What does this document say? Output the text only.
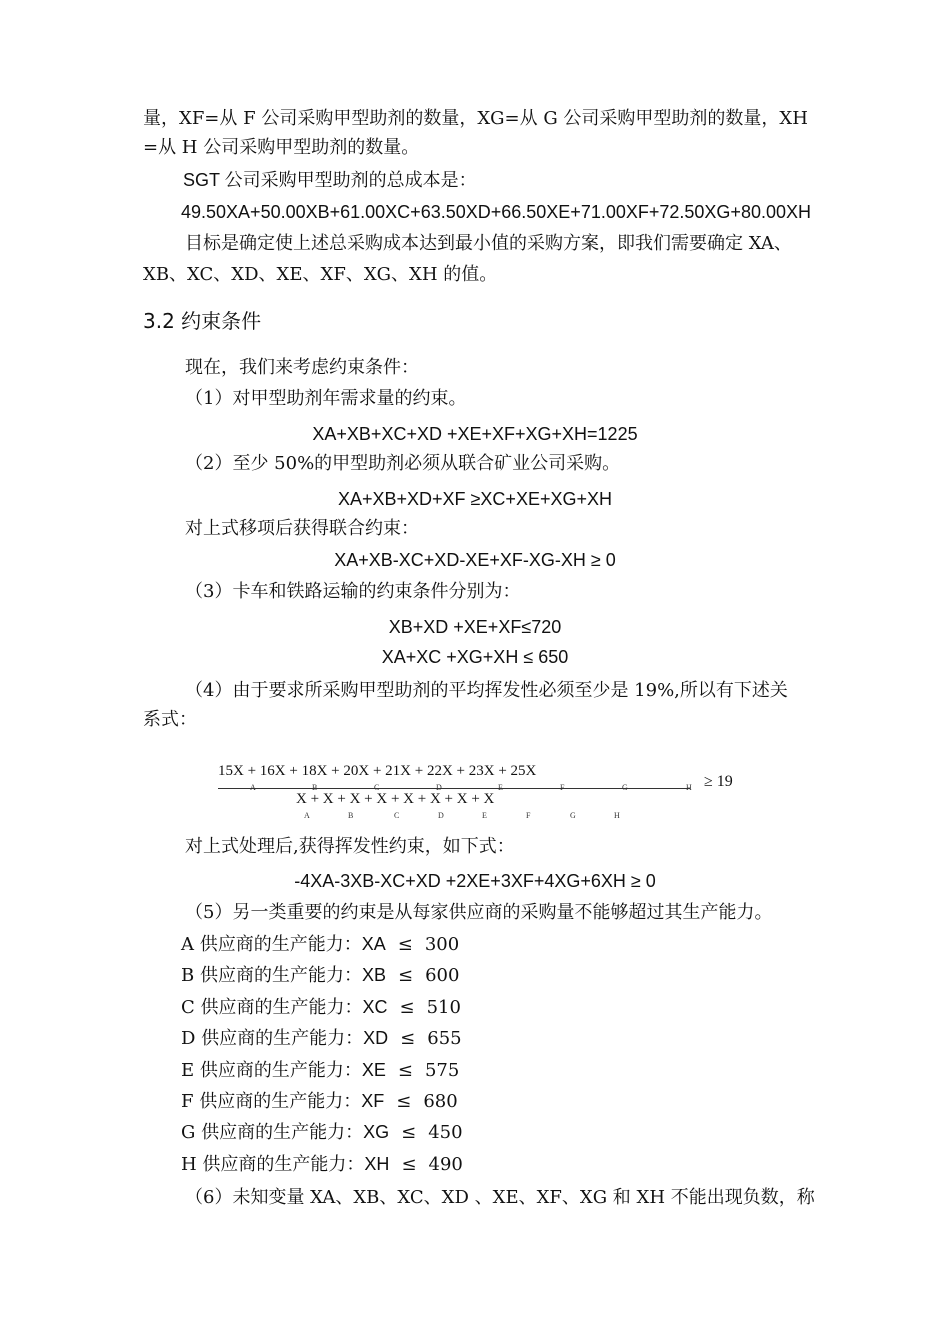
量，XF=从 F 公司采购甲型助剂的数量，XG=从 G 公司采购甲型助剂的数量，XH
=从 H 公司采购甲型助剂的数量。
SGT 公司采购甲型助剂的总成本是：
49.50XA+50.00XB+61.00XC+63.50XD+66.50XE+71.00XF+72.50XG+80.00XH
目标是确定使上述总采购成本达到最小值的采购方案，即我们需要确定 XA、
XB、XC、XD、XE、XF、XG、XH 的值。
3.2 约束条件
现在，我们来考虑约束条件：
（1）对甲型助剂年需求量的约束。
XA+XB+XC+XD +XE+XF+XG+XH=1225
（2）至少 50%的甲型助剂必须从联合矿业公司采购。
XA+XB+XD+XF ≥XC+XE+XG+XH
对上式移项后获得联合约束：
XA+XB-XC+XD-XE+XF-XG-XH ≥ 0
（3）卡车和铁路运输的约束条件分别为：
XB+XD +XE+XF≤720
XA+XC +XG+XH ≤ 650
（4）由于要求所采购甲型助剂的平均挥发性必须至少是 19%,所以有下述关
系式：
15X + 16X + 18X + 20X + 21X + 22X + 23X + 25X
X + X + X + X + X + X + X + X
A	B	C	D	E	F	G	H
A	B	C	D	E	F	G	H
≥ 19
对上式处理后,获得挥发性约束，如下式：
-4XA-3XB-XC+XD +2XE+3XF+4XG+6XH ≥ 0
（5）另一类重要的约束是从每家供应商的采购量不能够超过其生产能力。
A 供应商的生产能力：XA ≤ 300
B 供应商的生产能力：XB ≤ 600
C 供应商的生产能力：XC ≤ 510
D 供应商的生产能力：XD ≤ 655
E 供应商的生产能力：XE ≤ 575
F 供应商的生产能力：XF ≤ 680
G 供应商的生产能力：XG ≤ 450
H 供应商的生产能力：XH ≤ 490
（6）未知变量 XA、XB、XC、XD 、XE、XF、XG 和 XH 不能出现负数，称
